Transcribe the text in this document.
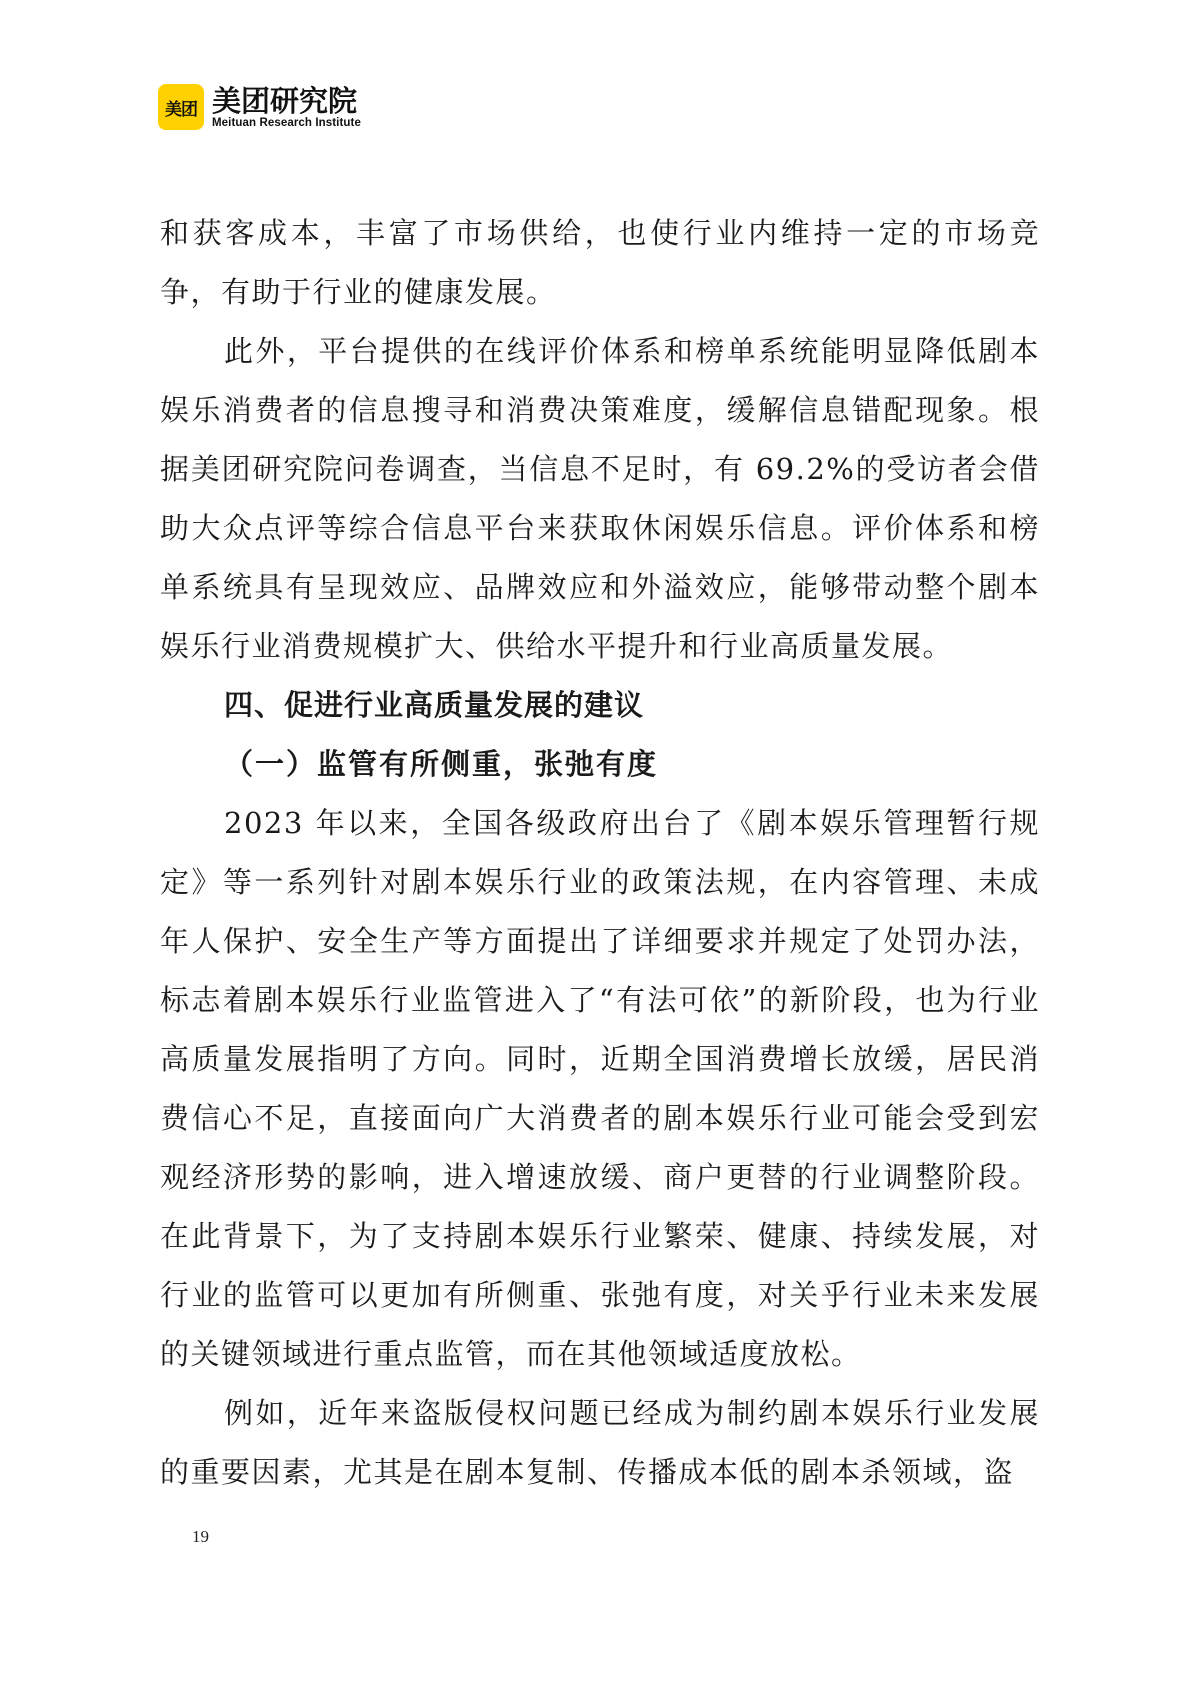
美团 美团研究院
Meituan Research Institute

和获客成本，丰富了市场供给，也使行业内维持一定的市场竞争，有助于行业的健康发展。

此外，平台提供的在线评价体系和榜单系统能明显降低剧本娱乐消费者的信息搜寻和消费决策难度，缓解信息错配现象。根据美团研究院问卷调查，当信息不足时，有 69.2%的受访者会借助大众点评等综合信息平台来获取休闲娱乐信息。评价体系和榜单系统具有呈现效应、品牌效应和外溢效应，能够带动整个剧本娱乐行业消费规模扩大、供给水平提升和行业高质量发展。

四、促进行业高质量发展的建议
（一）监管有所侧重，张弛有度

2023 年以来，全国各级政府出台了《剧本娱乐管理暂行规定》等一系列针对剧本娱乐行业的政策法规，在内容管理、未成年人保护、安全生产等方面提出了详细要求并规定了处罚办法，标志着剧本娱乐行业监管进入了“有法可依”的新阶段，也为行业高质量发展指明了方向。同时，近期全国消费增长放缓，居民消费信心不足，直接面向广大消费者的剧本娱乐行业可能会受到宏观经济形势的影响，进入增速放缓、商户更替的行业调整阶段。在此背景下，为了支持剧本娱乐行业繁荣、健康、持续发展，对行业的监管可以更加有所侧重、张弛有度，对关乎行业未来发展的关键领域进行重点监管，而在其他领域适度放松。

例如，近年来盗版侵权问题已经成为制约剧本娱乐行业发展的重要因素，尤其是在剧本复制、传播成本低的剧本杀领域，盗

19
